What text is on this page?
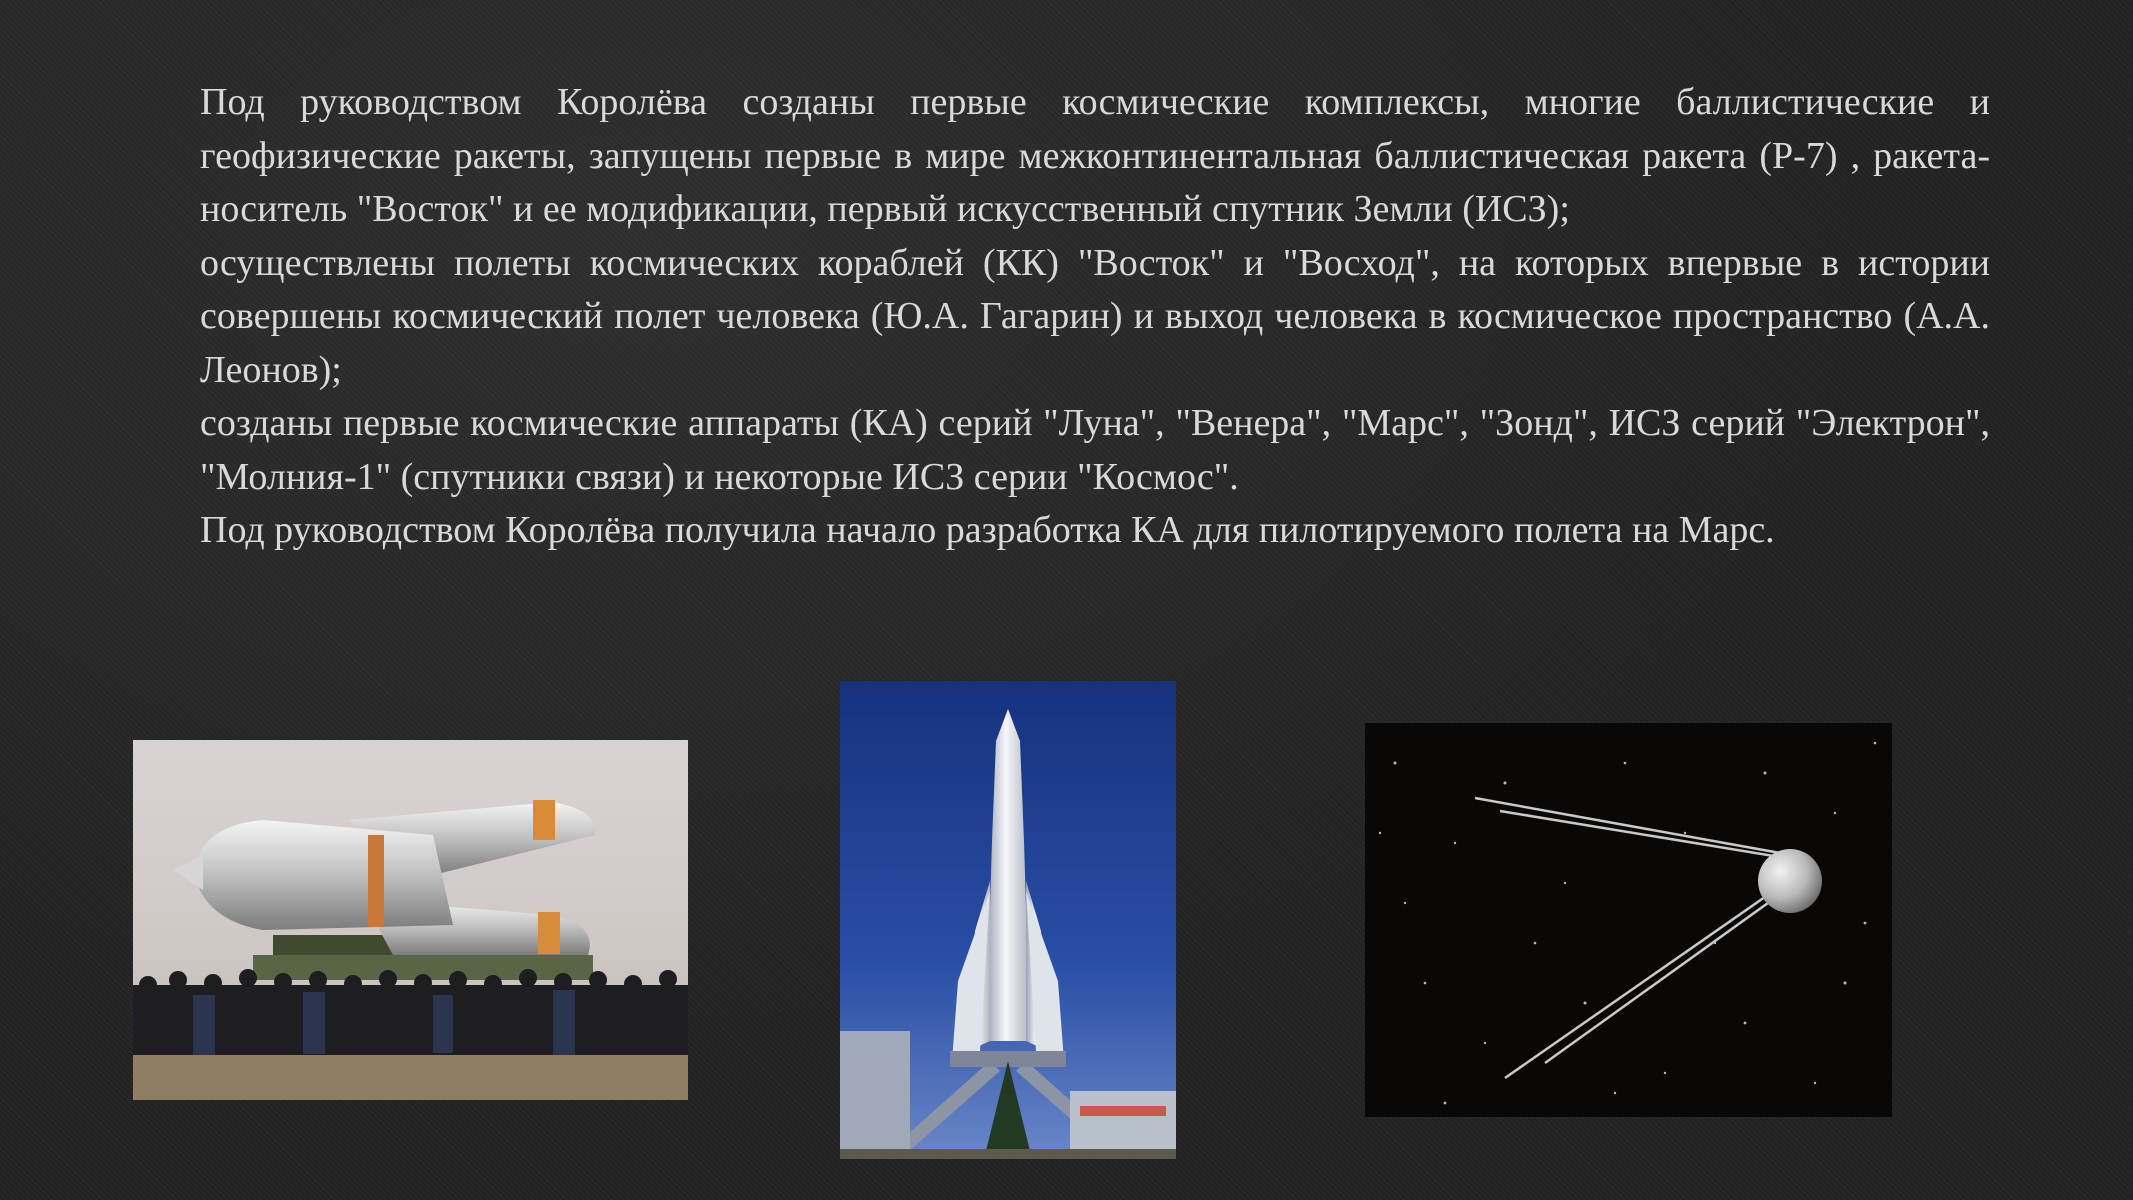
Под руководством Королёва созданы первые космические комплексы, многие баллистические и геофизические ракеты, запущены первые в мире межконтинентальная баллистическая ракета (Р-7) , ракета-носитель "Восток" и ее модификации, первый искусственный спутник Земли (ИСЗ);

осуществлены полеты космических кораблей (КК) "Восток" и "Восход", на которых впервые в истории совершены космический полет человека (Ю.А. Гагарин) и выход человека в космическое пространство (А.А. Леонов);

созданы первые космические аппараты (КА) серий "Луна", "Венера", "Марс", "Зонд", ИСЗ серий "Электрон", "Молния-1" (спутники связи) и некоторые ИСЗ серии "Космос".

Под руководством Королёва получила начало разработка КА для пилотируемого полета на Марс.
